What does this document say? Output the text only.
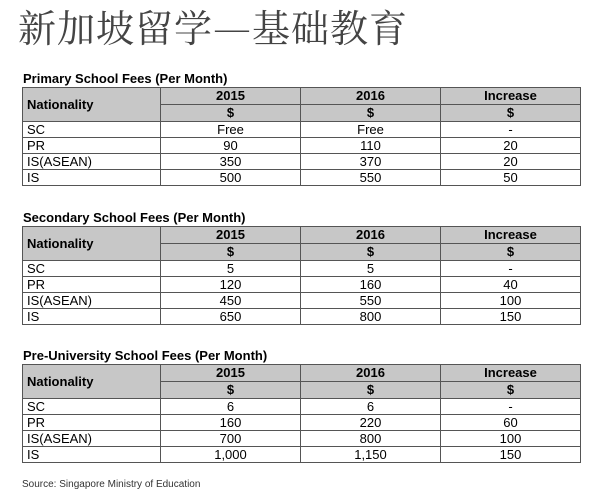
新加坡留学—基础教育
Primary School Fees (Per Month)
Nationality	2015	2016	Increase
	$	$	$
SC	Free	Free	-
PR	90	110	20
IS(ASEAN)	350	370	20
IS	500	550	50
Secondary School Fees (Per Month)
Nationality	2015	2016	Increase
	$	$	$
SC	5	5	-
PR	120	160	40
IS(ASEAN)	450	550	100
IS	650	800	150
Pre-University School Fees (Per Month)
Nationality	2015	2016	Increase
	$	$	$
SC	6	6	-
PR	160	220	60
IS(ASEAN)	700	800	100
IS	1,000	1,150	150
Source: Singapore Ministry of Education
